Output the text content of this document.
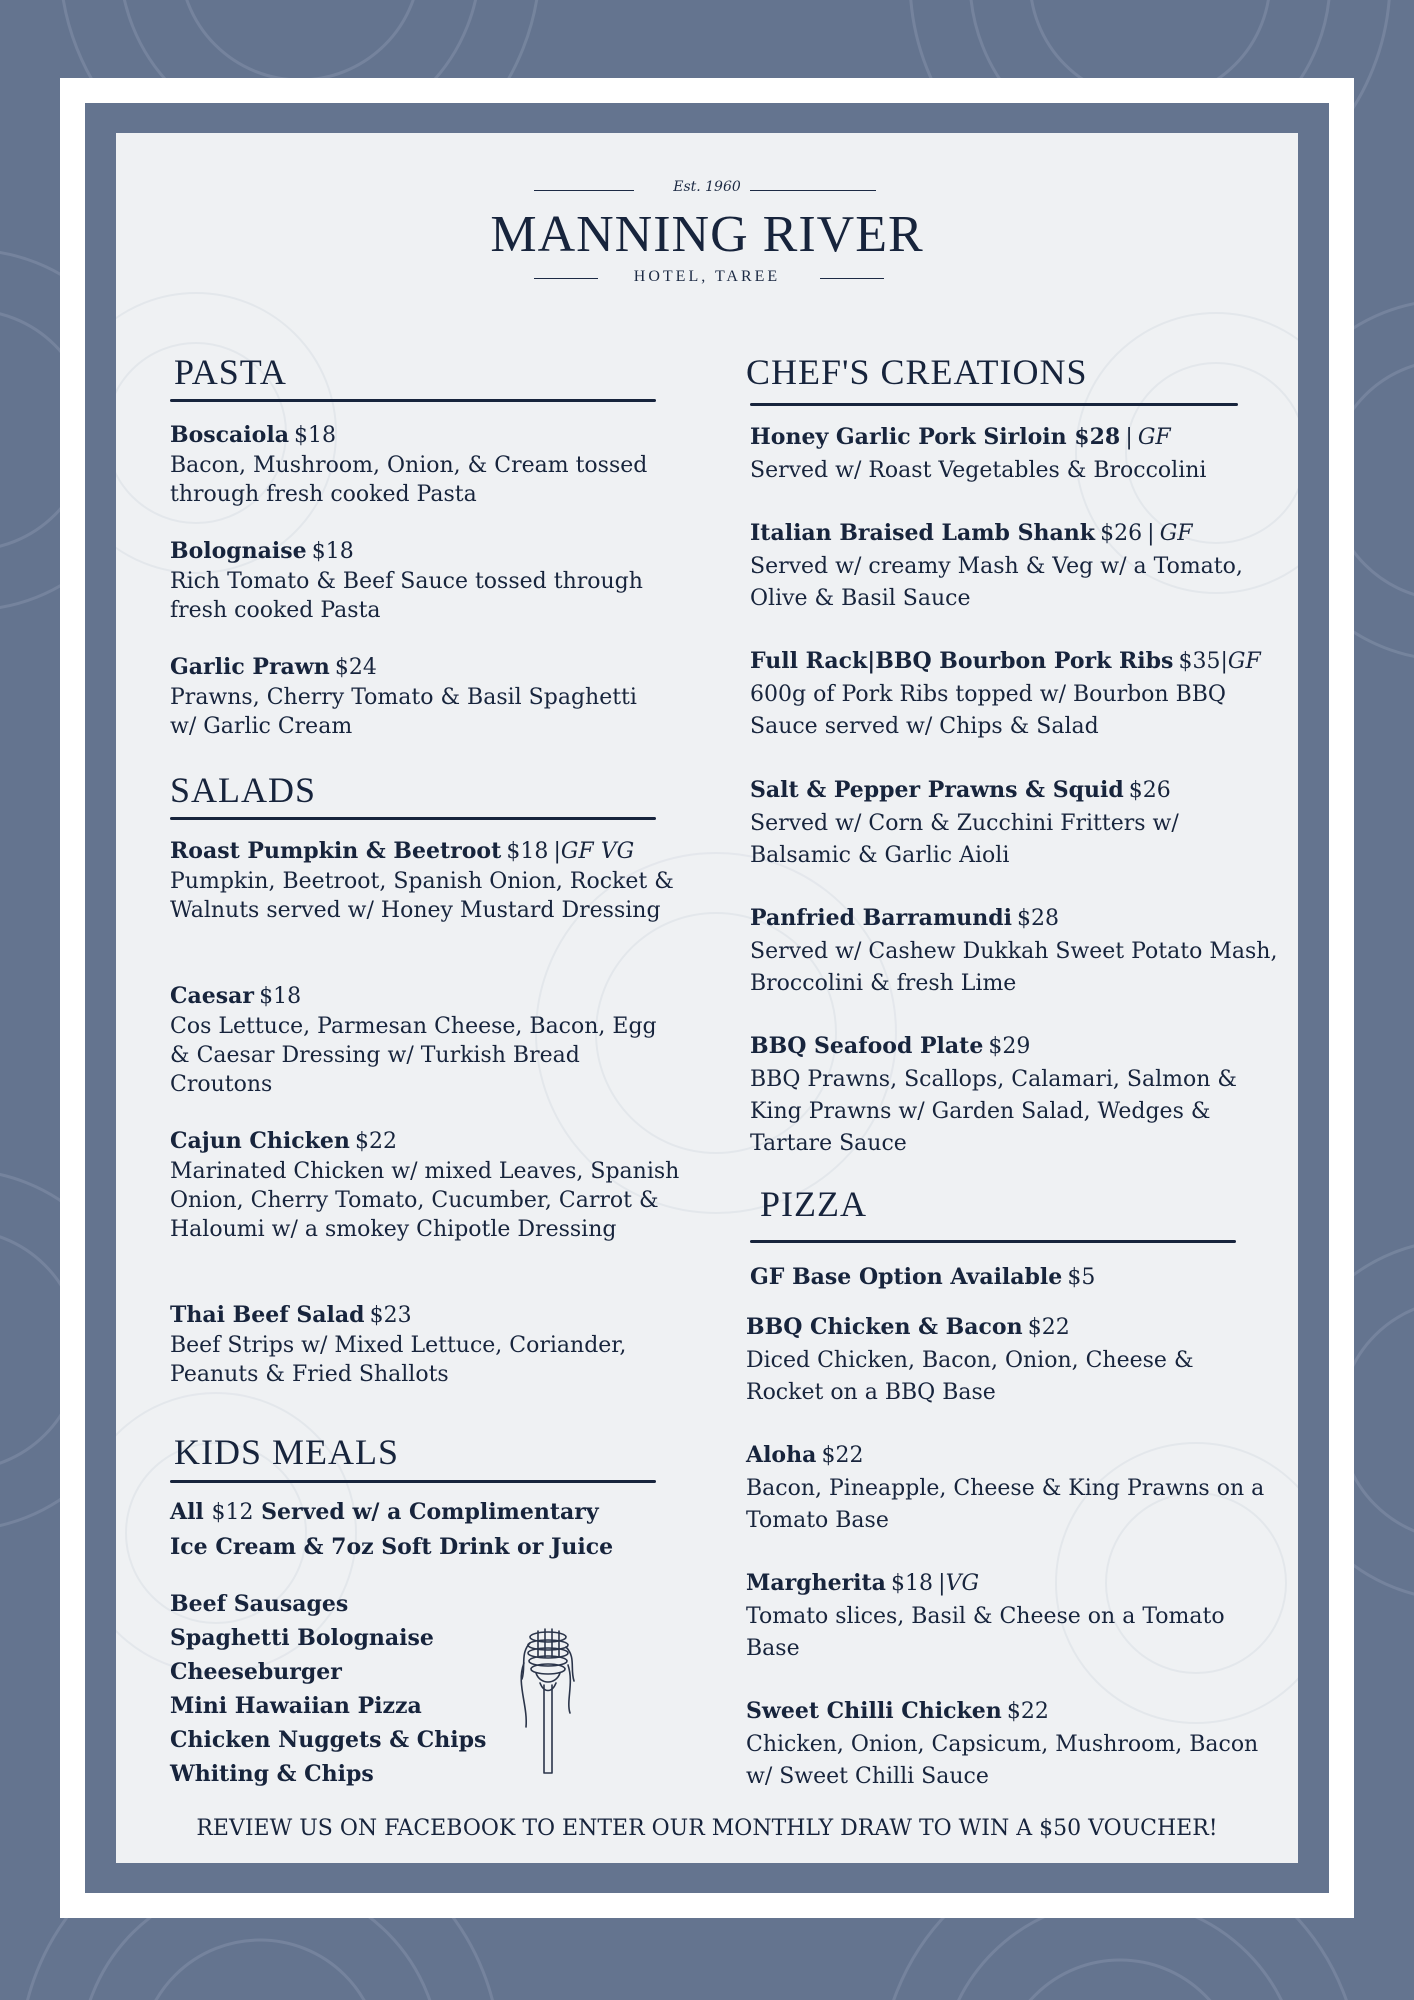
Est. 1960
MANNING RIVER
HOTEL, TAREE
PASTA
Boscaiola $18
Bacon, Mushroom, Onion, & Cream tossed through fresh cooked Pasta
Bolognaise $18
Rich Tomato & Beef Sauce tossed through fresh cooked Pasta
Garlic Prawn $24
Prawns, Cherry Tomato & Basil Spaghetti w/ Garlic Cream
SALADS
Roast Pumpkin & Beetroot $18 |GF VG
Pumpkin, Beetroot, Spanish Onion, Rocket & Walnuts served w/ Honey Mustard Dressing
Caesar $18
Cos Lettuce, Parmesan Cheese, Bacon, Egg & Caesar Dressing w/ Turkish Bread Croutons
Cajun Chicken $22
Marinated Chicken w/ mixed Leaves, Spanish Onion, Cherry Tomato, Cucumber, Carrot & Haloumi w/ a smokey Chipotle Dressing
Thai Beef Salad $23
Beef Strips w/ Mixed Lettuce, Coriander, Peanuts & Fried Shallots
KIDS MEALS
All $12 Served w/ a Complimentary
Ice Cream & 7oz Soft Drink or Juice
Beef Sausages
Spaghetti Bolognaise
Cheeseburger
Mini Hawaiian Pizza
Chicken Nuggets & Chips
Whiting & Chips
CHEF'S CREATIONS
Honey Garlic Pork Sirloin $28 | GF
Served w/ Roast Vegetables & Broccolini
Italian Braised Lamb Shank $26 | GF
Served w/ creamy Mash & Veg w/ a Tomato, Olive & Basil Sauce
Full Rack|BBQ Bourbon Pork Ribs $35|GF
600g of Pork Ribs topped w/ Bourbon BBQ Sauce served w/ Chips & Salad
Salt & Pepper Prawns & Squid $26
Served w/ Corn & Zucchini Fritters w/ Balsamic & Garlic Aioli
Panfried Barramundi $28
Served w/ Cashew Dukkah Sweet Potato Mash, Broccolini & fresh Lime
BBQ Seafood Plate $29
BBQ Prawns, Scallops, Calamari, Salmon & King Prawns w/ Garden Salad, Wedges & Tartare Sauce
PIZZA
GF Base Option Available $5
BBQ Chicken & Bacon $22
Diced Chicken, Bacon, Onion, Cheese & Rocket on a BBQ Base
Aloha $22
Bacon, Pineapple, Cheese & King Prawns on a Tomato Base
Margherita $18 |VG
Tomato slices, Basil & Cheese on a Tomato Base
Sweet Chilli Chicken $22
Chicken, Onion, Capsicum, Mushroom, Bacon w/ Sweet Chilli Sauce
REVIEW US ON FACEBOOK TO ENTER OUR MONTHLY DRAW TO WIN A $50 VOUCHER!
